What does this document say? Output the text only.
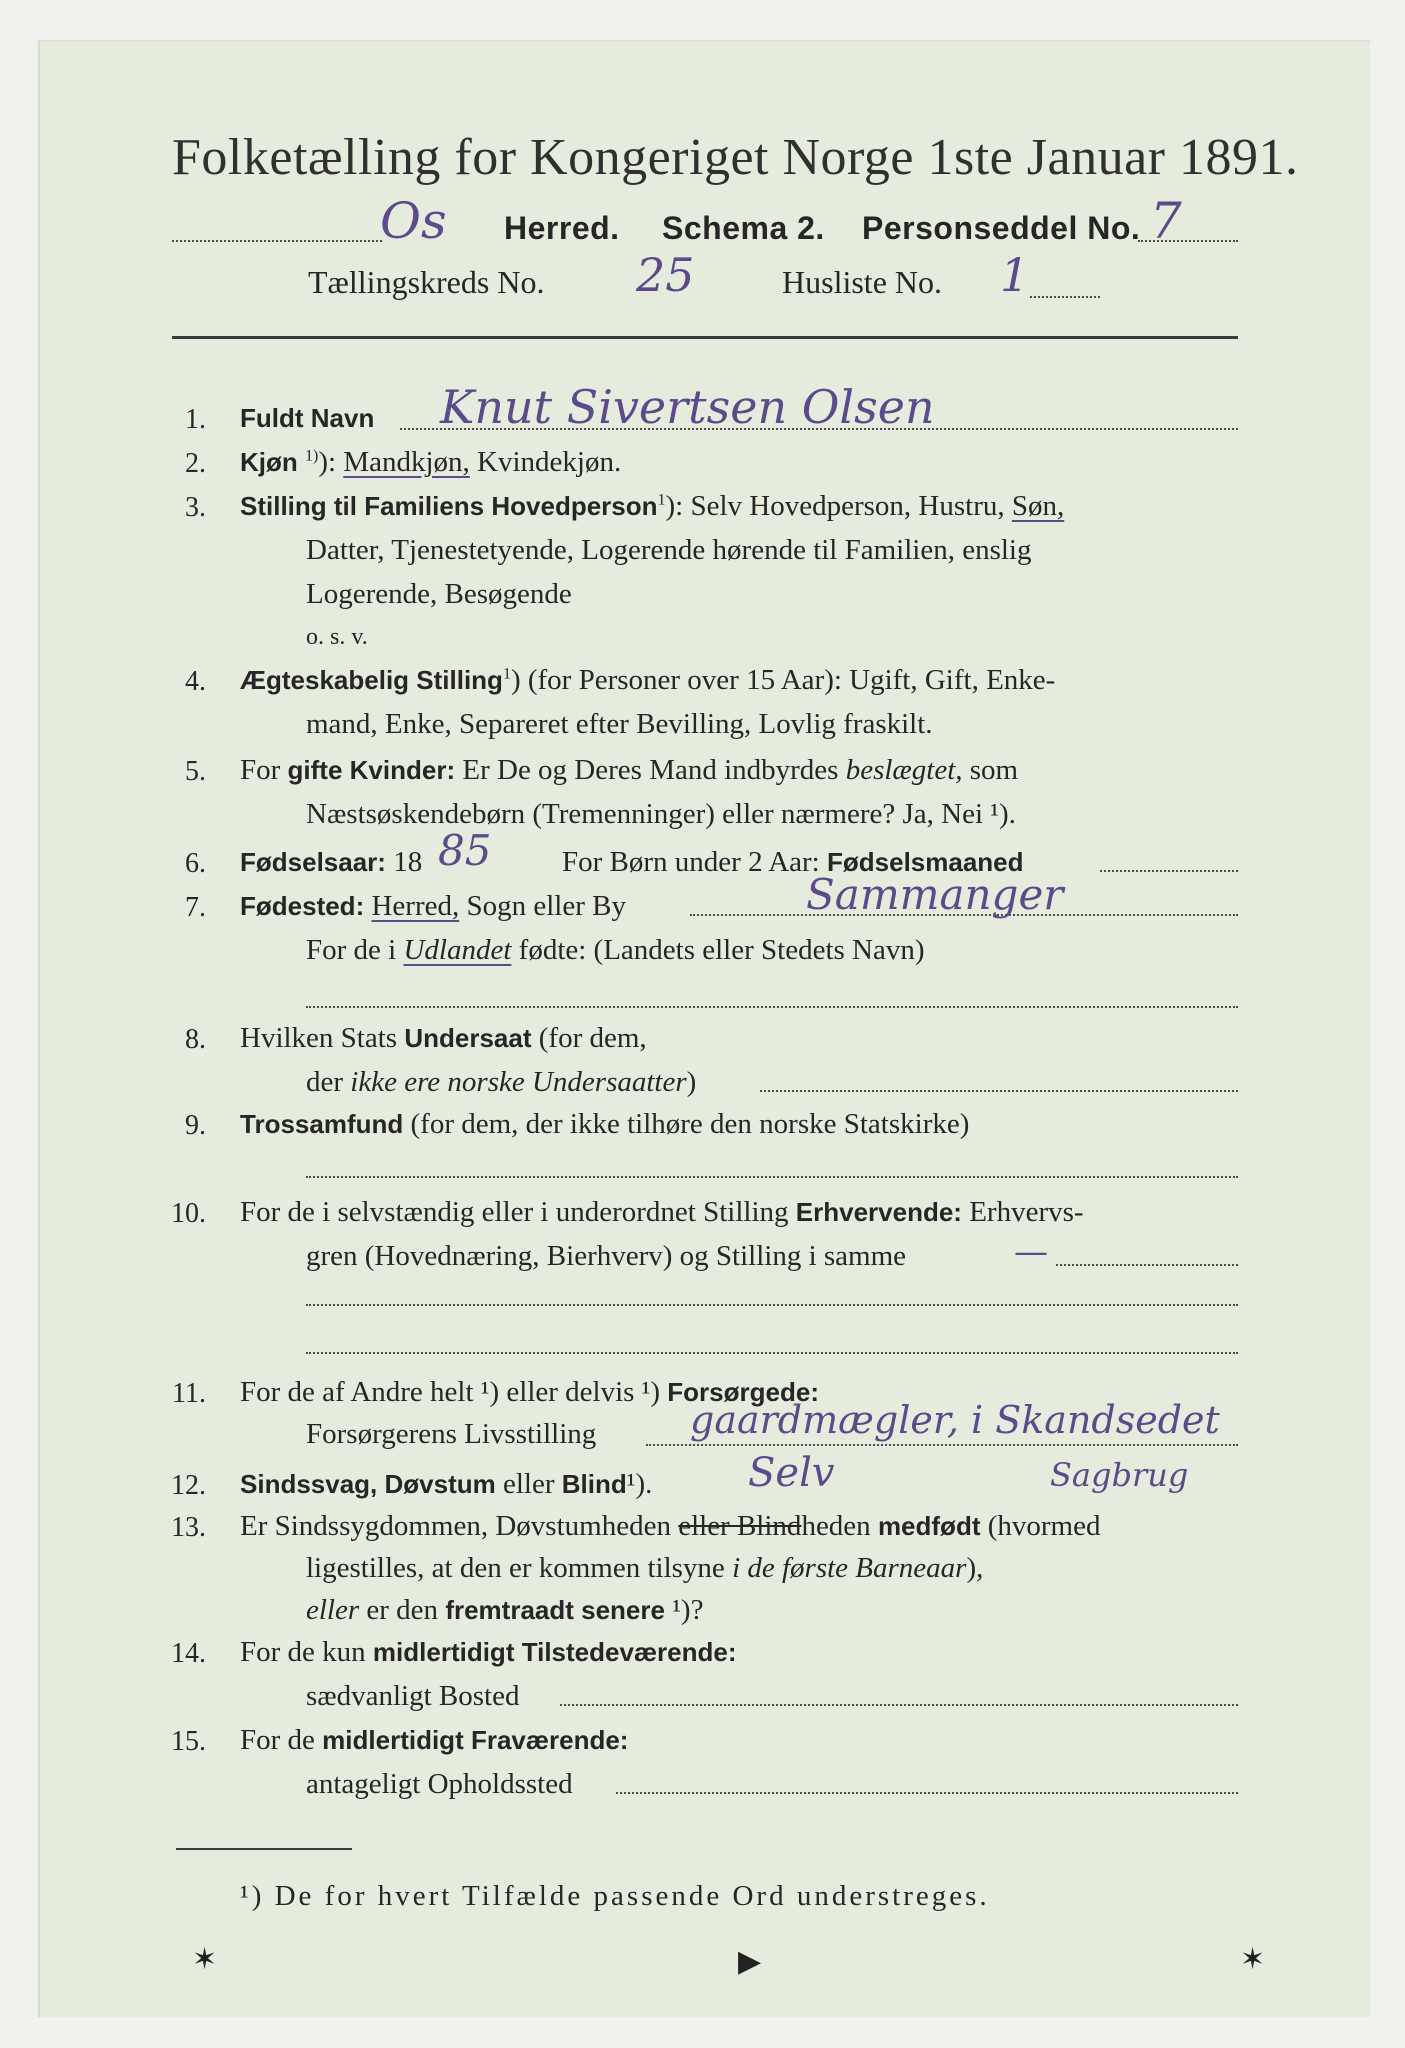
Folketælling for Kongeriget Norge 1ste Januar 1891.
Os Herred. Schema 2. Personseddel No. 7
Tællingskreds No. 25	Husliste No. 1
1. Fuldt Navn Knut Sivertsen Olsen
2. Kjøn $^{1)}$): Mandkjøn, Kvindekjøn.
3. Stilling til Familiens Hovedperson$^1$): Selv Hovedperson, Hustru, Søn,
Datter, Tjenestetyende, Logerende hørende til Familien, enslig
Logerende, Besøgende
o. s. v.
4. Ægteskabelig Stilling$^1$) (for Personer over 15 Aar): Ugift, Gift, Enke-
mand, Enke, Separeret efter Bevilling, Lovlig fraskilt.
5. For gifte Kvinder: Er De og Deres Mand indbyrdes beslægtet, som
Næstsøskendebørn (Tremenninger) eller nærmere? Ja, Nei ¹).
6. Fødselsaar: 18 85 For Børn under 2 Aar: Fødselsmaaned
7. Fødested: Herred, Sogn eller By	Sammanger
For de i Udlandet fødte: (Landets eller Stedets Navn)
8. Hvilken Stats Undersaat (for dem,
der ikke ere norske Undersaatter)
9. Trossamfund (for dem, der ikke tilhøre den norske Statskirke)
10. For de i selvstændig eller i underordnet Stilling Erhvervende: Erhvervs-
gren (Hovednæring, Bierhverv) og Stilling i samme	—
11. For de af Andre helt ¹) eller delvis ¹) Forsørgede:
Forsørgerens Livsstilling gaardmægler, i Skandsedet
12. Sindssvag, Døvstum eller Blind¹). Selv	Sagbrug
13. Er Sindssygdommen, Døvstumheden eller Blindheden medfødt (hvormed
ligestilles, at den er kommen tilsyne i de første Barneaar),
eller er den fremtraadt senere ¹)?
14. For de kun midlertidigt Tilstedeværende:
sædvanligt Bosted
15. For de midlertidigt Fraværende:
antageligt Opholdssted
¹) De for hvert Tilfælde passende Ord understreges.
✶	▶	✶
